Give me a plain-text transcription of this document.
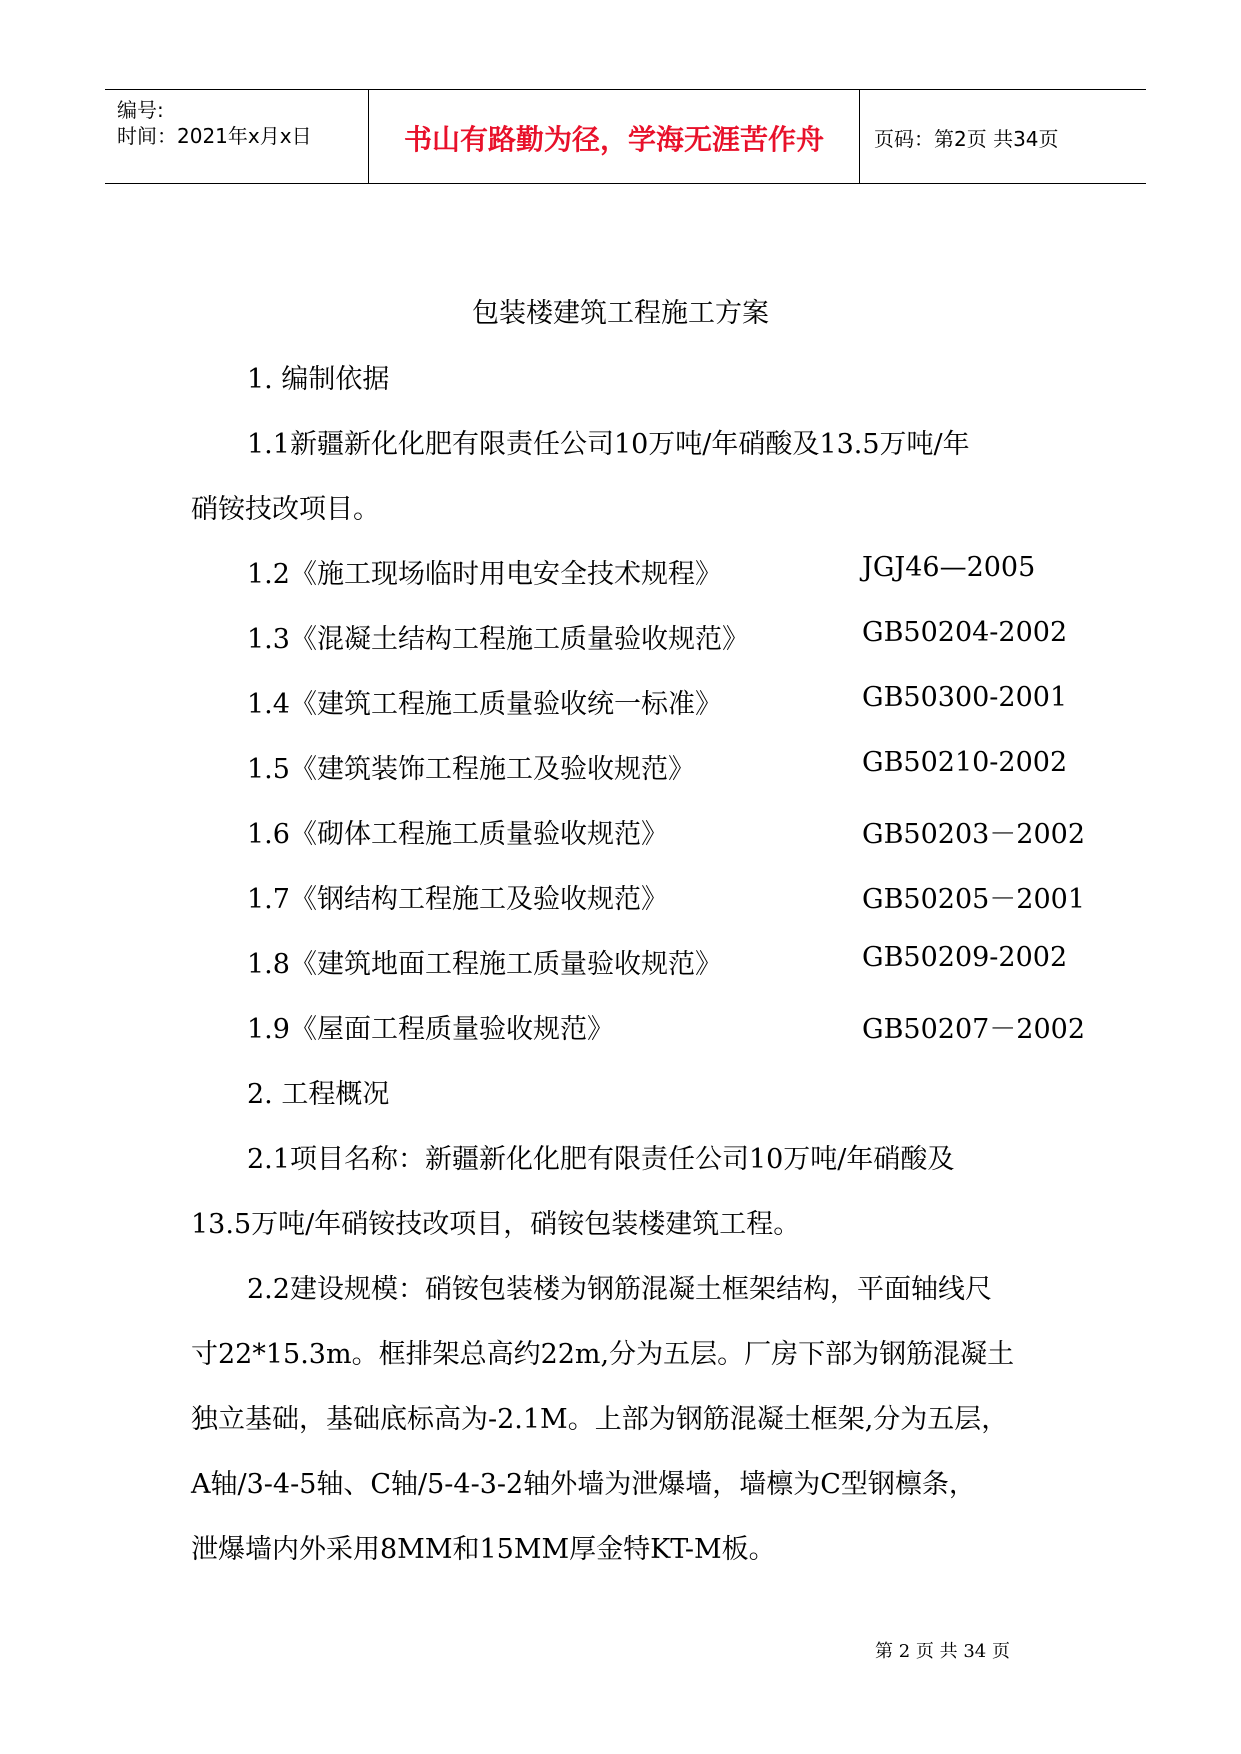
编号:
时间：2021年x月x日	书山有路勤为径，学海无涯苦作舟	页码：第2页 共34页
包装楼建筑工程施工方案
1. 编制依据
1.1新疆新化化肥有限责任公司10万吨/年硝酸及13.5万吨/年
硝铵技改项目。
1.2《施工现场临时用电安全技术规程》	JGJ46—2005
1.3《混凝土结构工程施工质量验收规范》	GB50204-2002
1.4《建筑工程施工质量验收统一标准》	GB50300-2001
1.5《建筑装饰工程施工及验收规范》	GB50210-2002
1.6《砌体工程施工质量验收规范》	GB50203－2002
1.7《钢结构工程施工及验收规范》	GB50205－2001
1.8《建筑地面工程施工质量验收规范》	GB50209-2002
1.9《屋面工程质量验收规范》	GB50207－2002
2. 工程概况
2.1项目名称：新疆新化化肥有限责任公司10万吨/年硝酸及
13.5万吨/年硝铵技改项目，硝铵包装楼建筑工程。
2.2建设规模：硝铵包装楼为钢筋混凝土框架结构，平面轴线尺
寸22*15.3m。框排架总高约22m,分为五层。厂房下部为钢筋混凝土
独立基础，基础底标高为-2.1M。上部为钢筋混凝土框架,分为五层，
A轴/3-4-5轴、C轴/5-4-3-2轴外墙为泄爆墙，墙檩为C型钢檩条，
泄爆墙内外采用8MM和15MM厚金特KT-M板。
第 2 页 共 34 页
